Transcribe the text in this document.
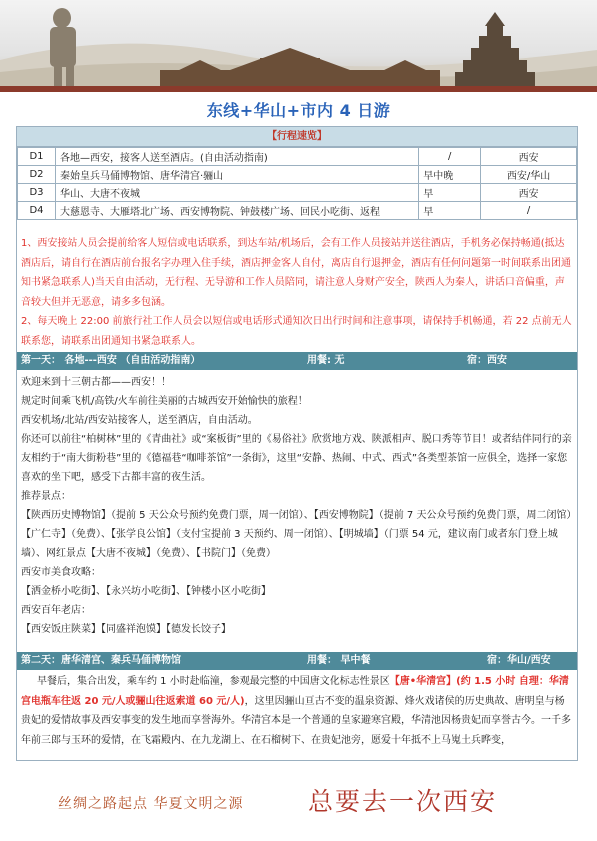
东线+华山+市内 4 日游
【行程速览】
D1	各地—西安，接客人送至酒店。(自由活动指南)	/	西安
D2	秦始皇兵马俑博物馆、唐华清宫·骊山	早中晚	西安/华山
D3	华山、大唐不夜城	早	西安
D4	大慈恩寺、大雁塔北广场、西安博物院、钟鼓楼广场、回民小吃街、返程	早	/

1、西安接站人员会提前给客人短信或电话联系，到达车站/机场后，会有工作人员接站并送往酒店，手机务必保持畅通(抵达酒店后，请自行在酒店前台报名字办理入住手续，酒店押金客人自付，离店自行退押金，酒店有任何问题第一时间联系出团通知书紧急联系人)当天自由活动，无行程、无导游和工作人员陪同，请注意人身财产安全，陕西人为秦人，讲话口音偏重，声音较大但并无恶意，请多多包涵。

2、每天晚上 22:00 前旅行社工作人员会以短信或电话形式通知次日出行时间和注意事项，请保持手机畅通，若 22 点前无人联系您，请联系出团通知书紧急联系人。

第一天： 各地---西安 （自由活动指南）	用餐: 无	宿：西安

欢迎来到十三朝古都——西安！！

规定时间乘飞机/高铁/火车前往美丽的古城西安开始愉快的旅程！

西安机场/北站/西安站接客人，送至酒店，自由活动。

你还可以前往“柏树林”里的《青曲社》或“案板街”里的《易俗社》欣赏地方戏、陕派相声、脱口秀等节目！或者结伴同行的亲友相约于“南大街粉巷”里的《德福巷“咖啡茶馆”一条街》，这里“安静、热闹、中式、西式”各类型茶馆一应俱全，选择一家您喜欢的坐下吧，感受下古都丰富的夜生活。

推荐景点：

【陕西历史博物馆】（提前 5 天公众号预约免费门票，周一闭馆）、【西安博物院】（提前 7 天公众号预约免费门票，周二闭馆）【广仁寺】（免费）、【张学良公馆】（支付宝提前 3 天预约、周一闭馆）、【明城墙】（门票 54 元，建议南门或者东门登上城墙）、网红景点【大唐不夜城】（免费）、【书院门】（免费）

西安市美食攻略：

【洒金桥小吃街】、【永兴坊小吃街】、【钟楼小区小吃街】

西安百年老店：

【西安饭庄陕菜】【同盛祥泡馍】【德发长饺子】

第二天：唐华清宫、秦兵马俑博物馆	用餐： 早中餐	宿：华山/西安
早餐后，集合出发，乘车约 1 小时赴临潼，参观最完整的中国唐文化标志性景区【唐•华清宫】(约 1.5 小时 自理：华清宫电瓶车往返 20 元/人或骊山往返索道 60 元/人)，这里因骊山亘古不变的温泉资源、烽火戏诸侯的历史典故、唐明皇与杨贵妃的爱情故事及西安事变的发生地而享誉海外。华清宫本是一个普通的皇家避寒宫殿，华清池因杨贵妃而享誉古今。一千多年前三郎与玉环的爱情，在飞霜殿内、在九龙湖上、在石榴树下、在贵妃池旁，愿爱十年抵不上马嵬土兵晔变，
丝绸之路起点 华夏文明之源	总要去一次西安
